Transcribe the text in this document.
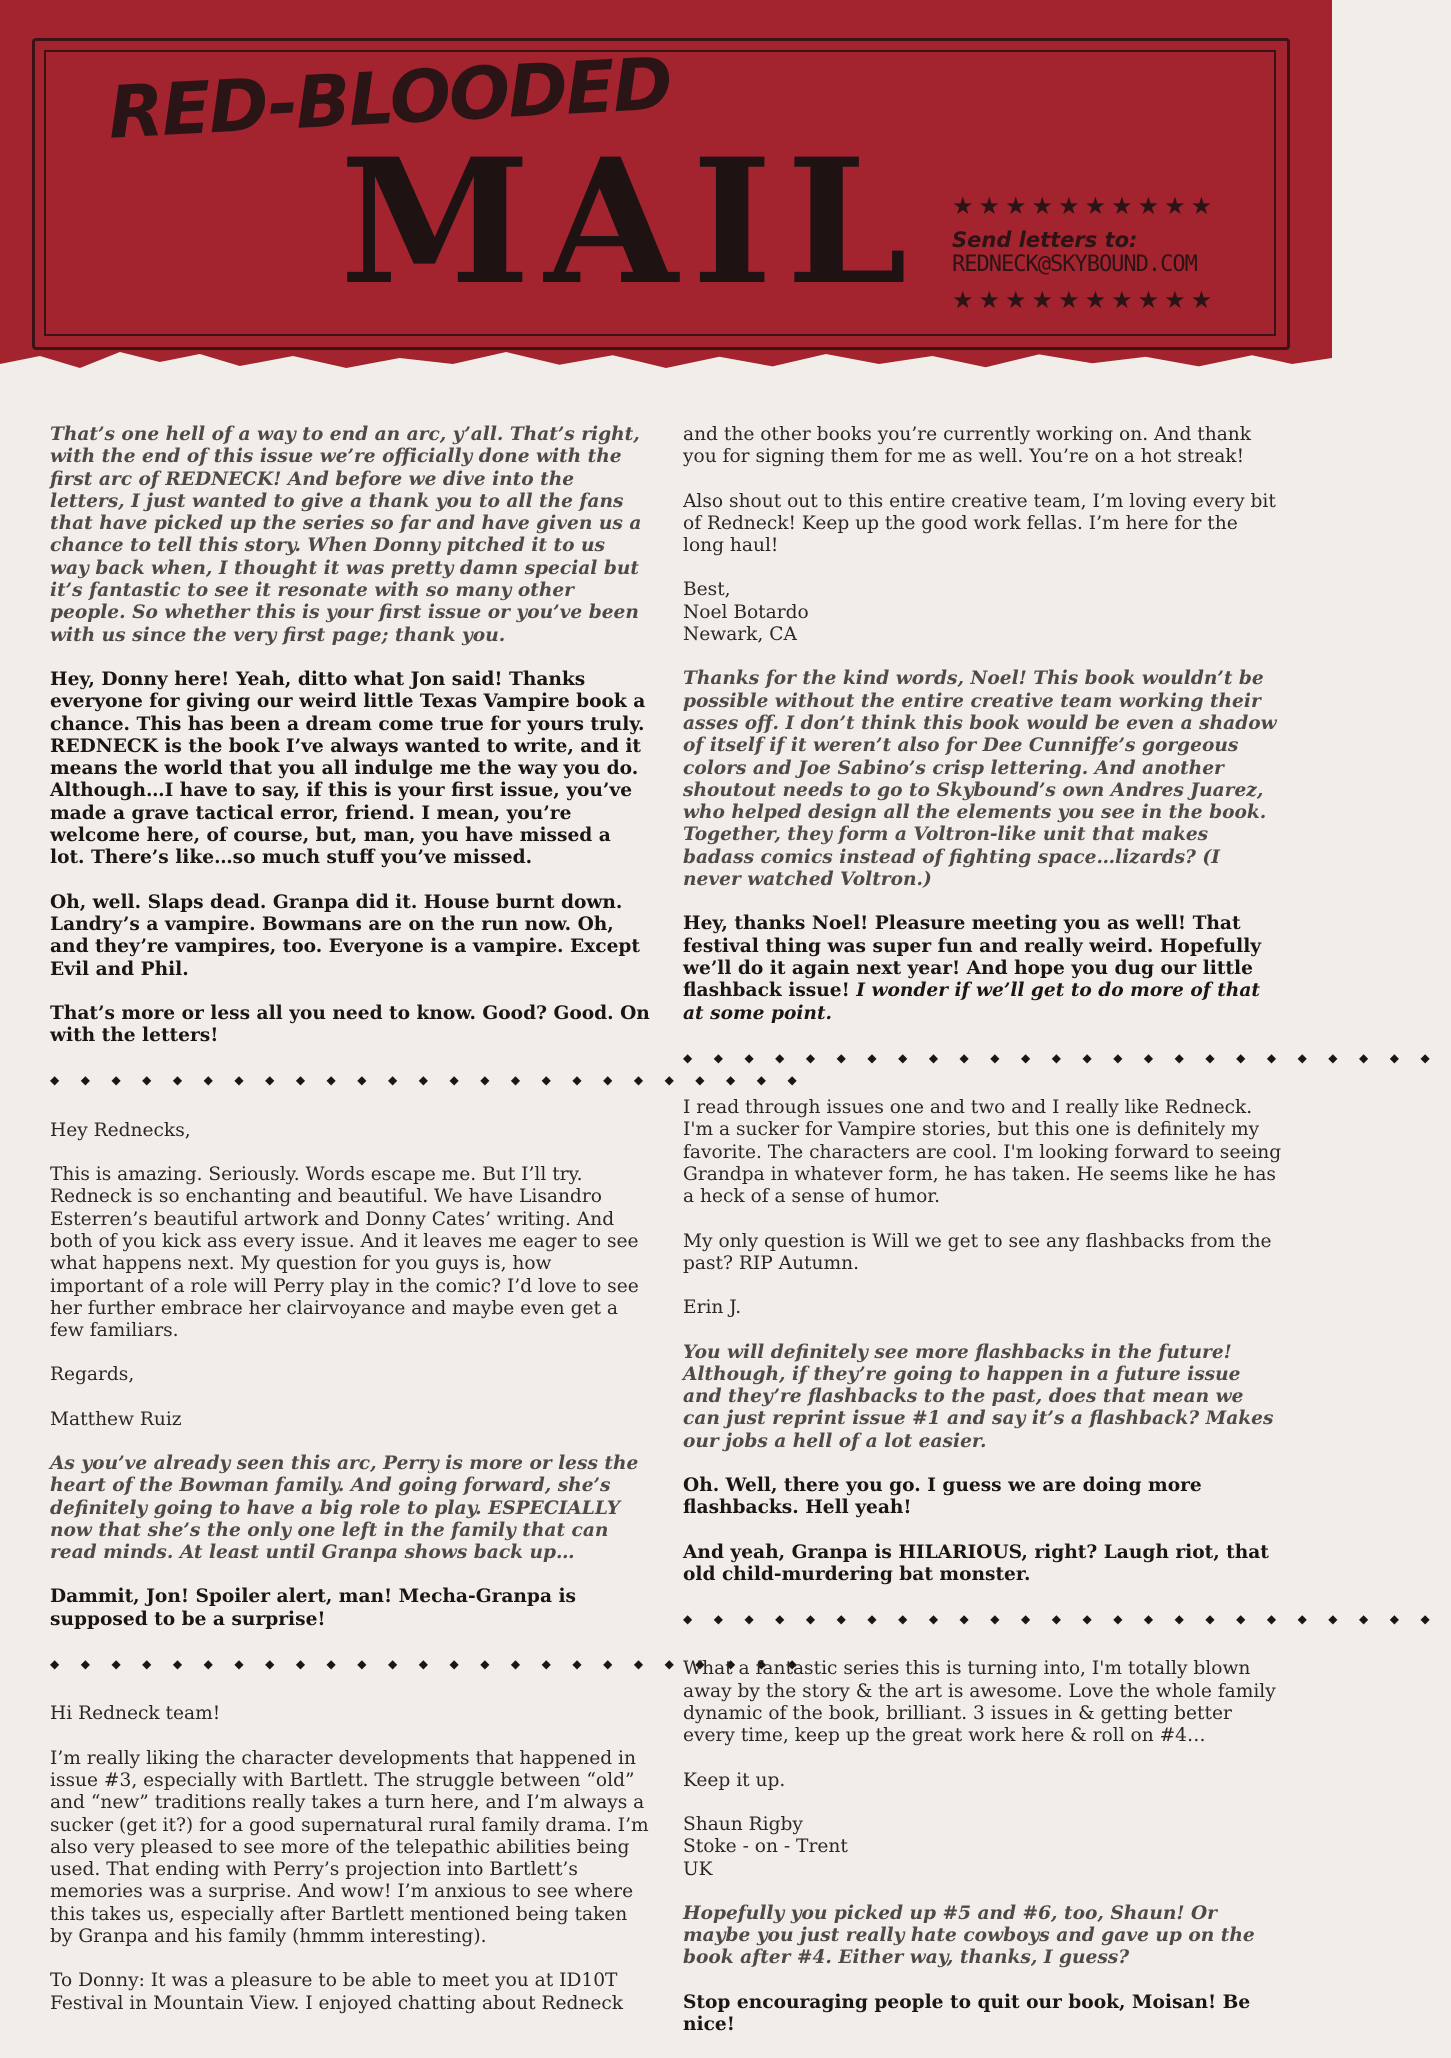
RED-BLOODED
MAIL ★★★★★★★★★★
Send letters to:
REDNECK@SKYBOUND.COM
★★★★★★★★★★

That’s one hell of a way to end an arc, y’all. That’s right, with the end of this issue we’re officially done with the first arc of REDNECK! And before we dive into the letters, I just wanted to give a thank you to all the fans that have picked up the series so far and have given us a chance to tell this story. When Donny pitched it to us way back when, I thought it was pretty damn special but it’s fantastic to see it resonate with so many other people. So whether this is your first issue or you’ve been with us since the very first page; thank you.

Hey, Donny here! Yeah, ditto what Jon said! Thanks everyone for giving our weird little Texas Vampire book a chance. This has been a dream come true for yours truly. REDNECK is the book I’ve always wanted to write, and it means the world that you all indulge me the way you do. Although…I have to say, if this is your first issue, you’ve made a grave tactical error, friend. I mean, you’re welcome here, of course, but, man, you have missed a lot. There’s like…so much stuff you’ve missed.

Oh, well. Slaps dead. Granpa did it. House burnt down. Landry’s a vampire. Bowmans are on the run now. Oh, and they’re vampires, too. Everyone is a vampire. Except Evil and Phil.

That’s more or less all you need to know. Good? Good. On with the letters!

◆◆◆◆◆◆◆◆◆◆◆◆◆◆◆◆◆◆◆◆◆◆◆◆◆

Hey Rednecks,

This is amazing. Seriously. Words escape me. But I’ll try. Redneck is so enchanting and beautiful. We have Lisandro Esterren’s beautiful artwork and Donny Cates’ writing. And both of you kick ass every issue. And it leaves me eager to see what happens next. My question for you guys is, how important of a role will Perry play in the comic? I’d love to see her further embrace her clairvoyance and maybe even get a few familiars.

Regards,

Matthew Ruiz

As you’ve already seen this arc, Perry is more or less the heart of the Bowman family. And going forward, she’s definitely going to have a big role to play. ESPECIALLY now that she’s the only one left in the family that can read minds. At least until Granpa shows back up…

Dammit, Jon! Spoiler alert, man! Mecha-Granpa is supposed to be a surprise!

◆◆◆◆◆◆◆◆◆◆◆◆◆◆◆◆◆◆◆◆◆◆◆◆◆

Hi Redneck team!

I’m really liking the character developments that happened in issue #3, especially with Bartlett. The struggle between “old” and “new” traditions really takes a turn here, and I’m always a sucker (get it?) for a good supernatural rural family drama. I’m also very pleased to see more of the telepathic abilities being used. That ending with Perry’s projection into Bartlett’s memories was a surprise. And wow! I’m anxious to see where this takes us, especially after Bartlett mentioned being taken by Granpa and his family (hmmm interesting).

To Donny: It was a pleasure to be able to meet you at ID10T Festival in Mountain View. I enjoyed chatting about Redneck

and the other books you’re currently working on. And thank you for signing them for me as well. You’re on a hot streak!

Also shout out to this entire creative team, I’m loving every bit of Redneck! Keep up the good work fellas. I’m here for the long haul!

Best,
Noel Botardo
Newark, CA

Thanks for the kind words, Noel! This book wouldn’t be possible without the entire creative team working their asses off. I don’t think this book would be even a shadow of itself if it weren’t also for Dee Cunniffe’s gorgeous colors and Joe Sabino’s crisp lettering. And another shoutout needs to go to Skybound’s own Andres Juarez, who helped design all the elements you see in the book. Together, they form a Voltron-like unit that makes badass comics instead of fighting space…lizards? (I never watched Voltron.)

Hey, thanks Noel! Pleasure meeting you as well! That festival thing was super fun and really weird. Hopefully we’ll do it again next year! And hope you dug our little flashback issue! I wonder if we’ll get to do more of that at some point.

◆◆◆◆◆◆◆◆◆◆◆◆◆◆◆◆◆◆◆◆◆◆◆◆◆

I read through issues one and two and I really like Redneck. I'm a sucker for Vampire stories, but this one is definitely my favorite. The characters are cool. I'm looking forward to seeing Grandpa in whatever form, he has taken. He seems like he has a heck of a sense of humor.

My only question is Will we get to see any flashbacks from the past? RIP Autumn.

Erin J.

You will definitely see more flashbacks in the future! Although, if they’re going to happen in a future issue and they’re flashbacks to the past, does that mean we can just reprint issue #1 and say it’s a flashback? Makes our jobs a hell of a lot easier.

Oh. Well, there you go. I guess we are doing more flashbacks. Hell yeah!

And yeah, Granpa is HILARIOUS, right? Laugh riot, that old child-murdering bat monster.

◆◆◆◆◆◆◆◆◆◆◆◆◆◆◆◆◆◆◆◆◆◆◆◆◆

What a fantastic series this is turning into, I'm totally blown away by the story & the art is awesome. Love the whole family dynamic of the book, brilliant. 3 issues in & getting better every time, keep up the great work here & roll on #4…

Keep it up.

Shaun Rigby
Stoke - on - Trent
UK

Hopefully you picked up #5 and #6, too, Shaun! Or maybe you just really hate cowboys and gave up on the book after #4. Either way, thanks, I guess?

Stop encouraging people to quit our book, Moisan! Be nice!
